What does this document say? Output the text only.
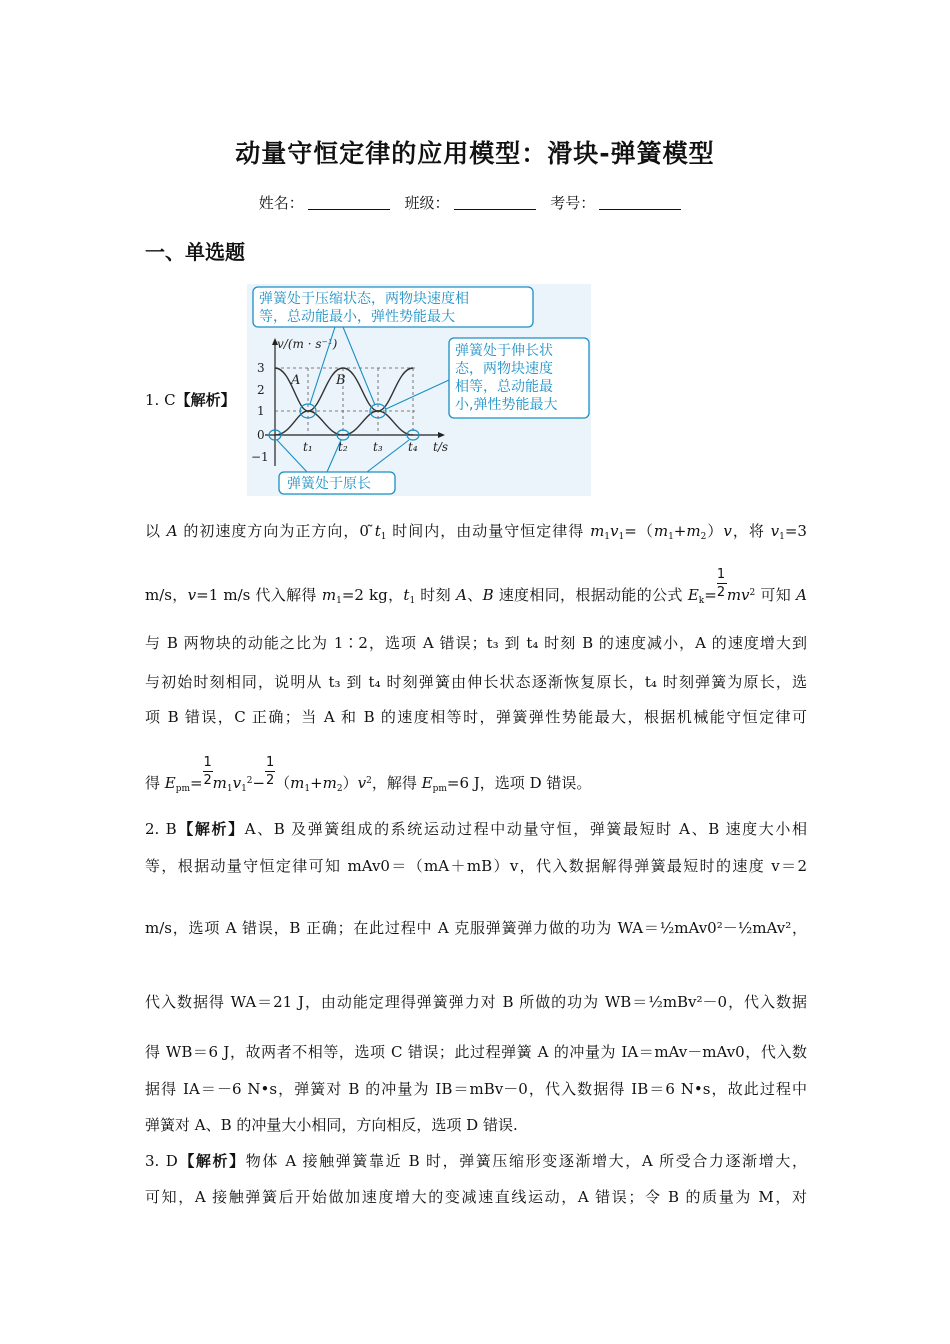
动量守恒定律的应用模型：滑块-弹簧模型
姓名：	班级：	考号：
一、单选题
1. C【解析】
弹簧处于压缩状态，两物块速度相
等，总动能最小，弹性势能最大
弹簧处于伸长状
态，两物块速度
相等，总动能最
小,弹性势能最大
弹簧处于原长
v/(m · s⁻¹)
t/s
3
2
1
0
−1
A	B
t₁ t₂ t₃ t₄
以 A 的初速度方向为正方向，0 $̃t_1$ 时间内，由动量守恒定律得 $m_1v_1=(m_1+m_2)v$，将 $v_1=3$
m/s，v=1 m/s 代入解得 $m_1=2$ kg，$t_1$ 时刻 A、B 速度相同，根据动能的公式 $E_k= \frac{1}{2} mv^2$ 可知 A
与 B 两物块的动能之比为 1∶2，选项 A 错误；t₃ 到 t₄ 时刻 B 的速度减小，A 的速度增大到
与初始时刻相同，说明从 t₃ 到 t₄ 时刻弹簧由伸长状态逐渐恢复原长，t₄ 时刻弹簧为原长，选
项 B 错误，C 正确；当 A 和 B 的速度相等时，弹簧弹性势能最大，根据机械能守恒定律可
得 $E_{pm}= \frac{1}{2} m_1v_1^2- \frac{1}{2} (m_1+m_2)v^2$，解得 $E_{pm}=6$ J，选项 D 错误。
2. B【解析】A、B 及弹簧组成的系统运动过程中动量守恒，弹簧最短时 A、B 速度大小相
等，根据动量守恒定律可知 mAv0＝（mA＋mB）v，代入数据解得弹簧最短时的速度 v＝2
m/s，选项 A 错误，B 正确；在此过程中 A 克服弹簧弹力做的功为 WA＝½mAv0²－½mAv²，
代入数据得 WA＝21 J，由动能定理得弹簧弹力对 B 所做的功为 WB＝½mBv²－0，代入数据
得 WB＝6 J，故两者不相等，选项 C 错误；此过程弹簧 A 的冲量为 IA＝mAv－mAv0，代入数
据得 IA＝－6 N•s，弹簧对 B 的冲量为 IB＝mBv－0，代入数据得 IB＝6 N•s，故此过程中
弹簧对 A、B 的冲量大小相同，方向相反，选项 D 错误.
3. D【解析】物体 A 接触弹簧靠近 B 时，弹簧压缩形变逐渐增大，A 所受合力逐渐增大，
可知，A 接触弹簧后开始做加速度增大的变减速直线运动，A 错误；令 B 的质量为 M，对
